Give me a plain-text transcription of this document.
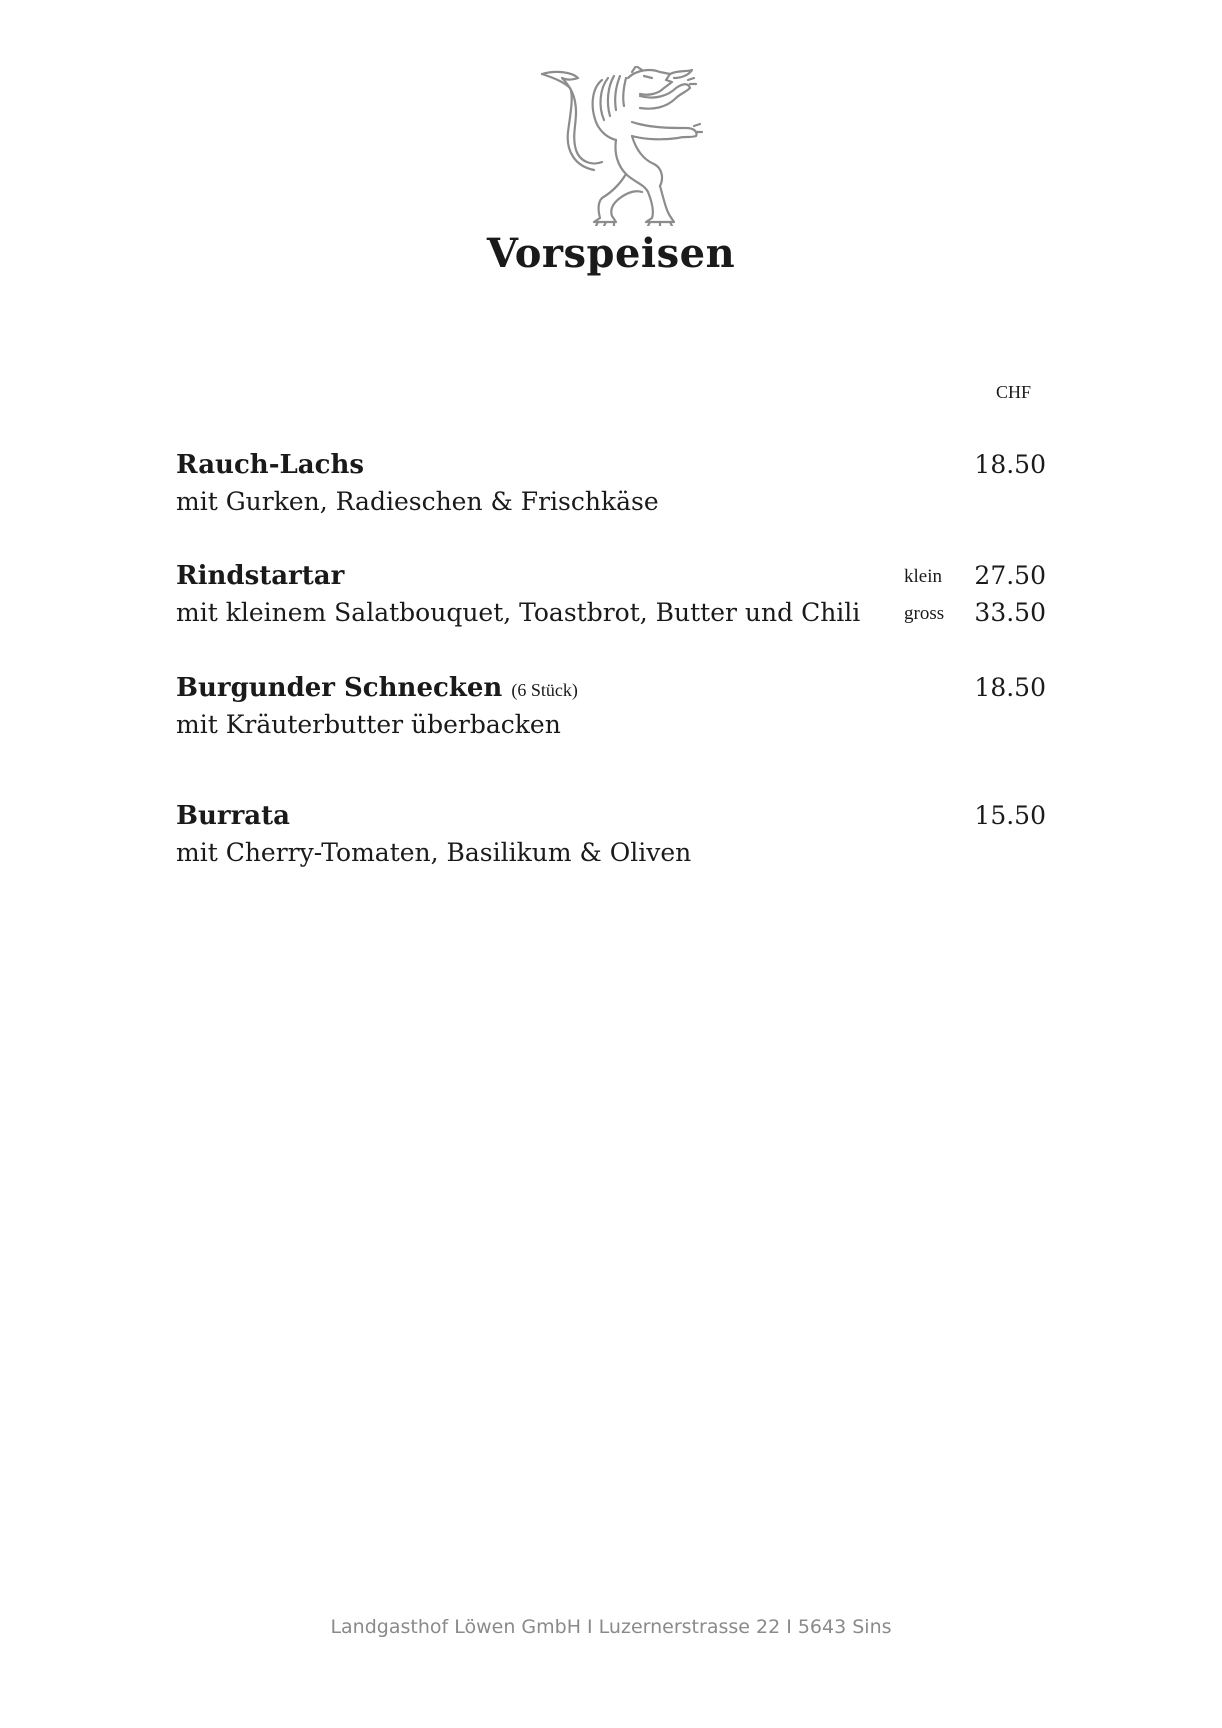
Vorspeisen
CHF
Rauch-Lachs
mit Gurken, Radieschen & Frischkäse
18.50
Rindstartar
mit kleinem Salatbouquet, Toastbrot, Butter und Chili
klein 27.50
gross 33.50
Burgunder Schnecken (6 Stück)
mit Kräuterbutter überbacken
18.50
Burrata
mit Cherry-Tomaten, Basilikum & Oliven
15.50
Landgasthof Löwen GmbH I Luzernerstrasse 22 I 5643 Sins
